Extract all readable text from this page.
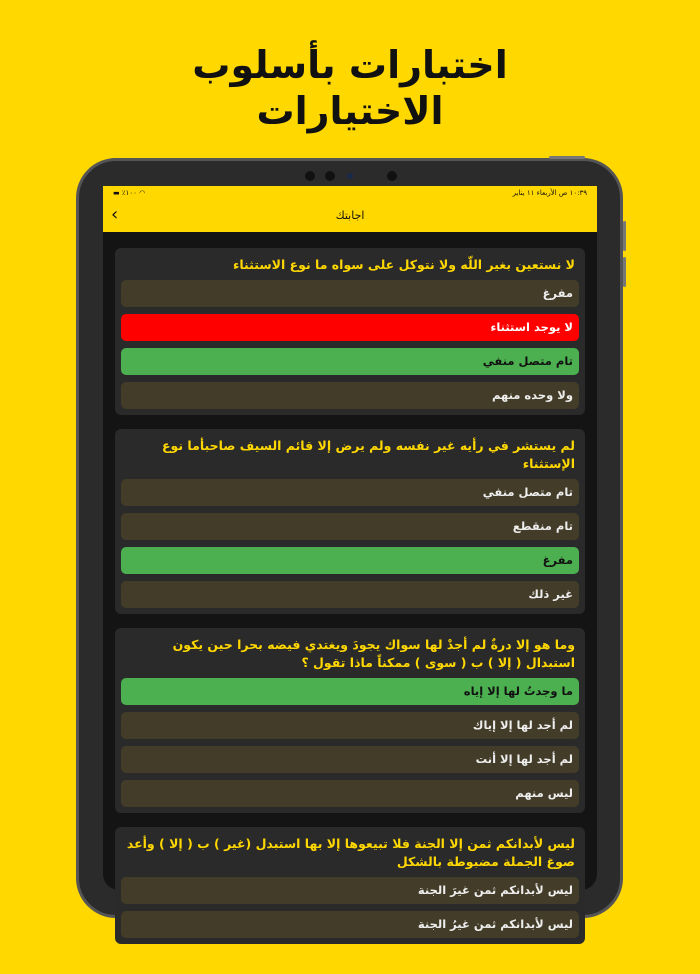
اختبارات بأسلوب
الاختيارات
▬ ٪١٠٠ ◠	١٠:٣٩ ص الأربعاء ١١ يناير
‹	اجابتك
لا نستعين بغير اللّه ولا نتوكل على سواه ما نوع الاستثناء
مفرغ
لا يوجد استثناء
تام متصل منفي
ولا وحده منهم
لم يستشر في رأيه غير نفسه ولم يرض إلا قائم السيف صاحبأما نوع الإستثناء
تام متصل منفي
تام منقطع
مفرغ
غير ذلك
وما هو إلا درةٌ لم أجدْ لها سواك يجودَ ويغتدي فيضه بحرا حين يكون استبدال ( إلا ) ب ( سوى ) ممكناً ماذا تقول ؟
ما وجدتُ لها إلا إياه
لم أجد لها إلا إياك
لم أجد لها إلا أنت
ليس منهم
ليس لأبدانكم ثمن إلا الجنة فلا تبيعوها إلا بها استبدل (غير ) ب ( إلا ) وأعد صوغ الجملة مضبوطة بالشكل
ليس لأبدانكم ثمن غيرَ الجنة
ليس لأبدانكم ثمن غيرُ الجنة
